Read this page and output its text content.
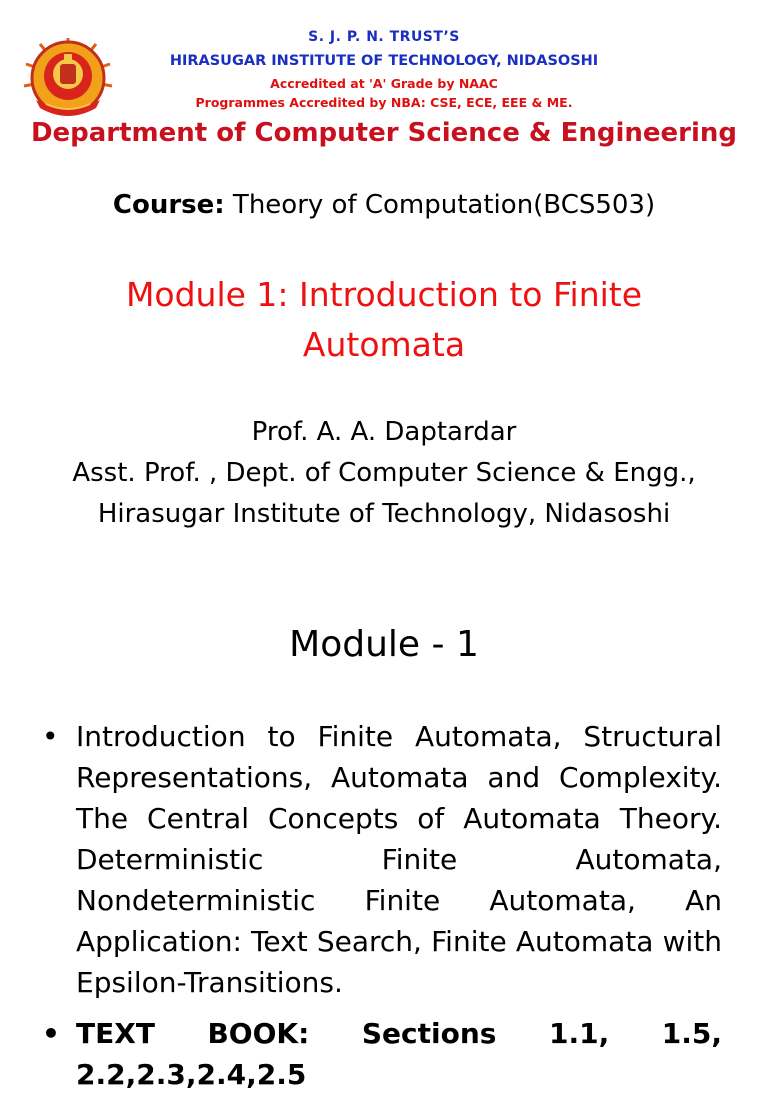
S. J. P. N. TRUST’S
HIRASUGAR INSTITUTE OF TECHNOLOGY, NIDASOSHI
Accredited at 'A' Grade by NAAC
Programmes Accredited by NBA: CSE, ECE, EEE & ME.
Department of Computer Science & Engineering
Course: Theory of Computation(BCS503)
Module 1: Introduction to Finite Automata
Prof. A. A. Daptardar
Asst. Prof. , Dept. of Computer Science & Engg.,
Hirasugar Institute of Technology, Nidasoshi
Module - 1
• Introduction to Finite Automata, Structural Representations, Automata and Complexity. The Central Concepts of Automata Theory. Deterministic Finite Automata, Nondeterministic Finite Automata, An Application: Text Search, Finite Automata with Epsilon-Transitions.
• TEXT BOOK: Sections 1.1, 1.5, 2.2,2.3,2.4,2.5
